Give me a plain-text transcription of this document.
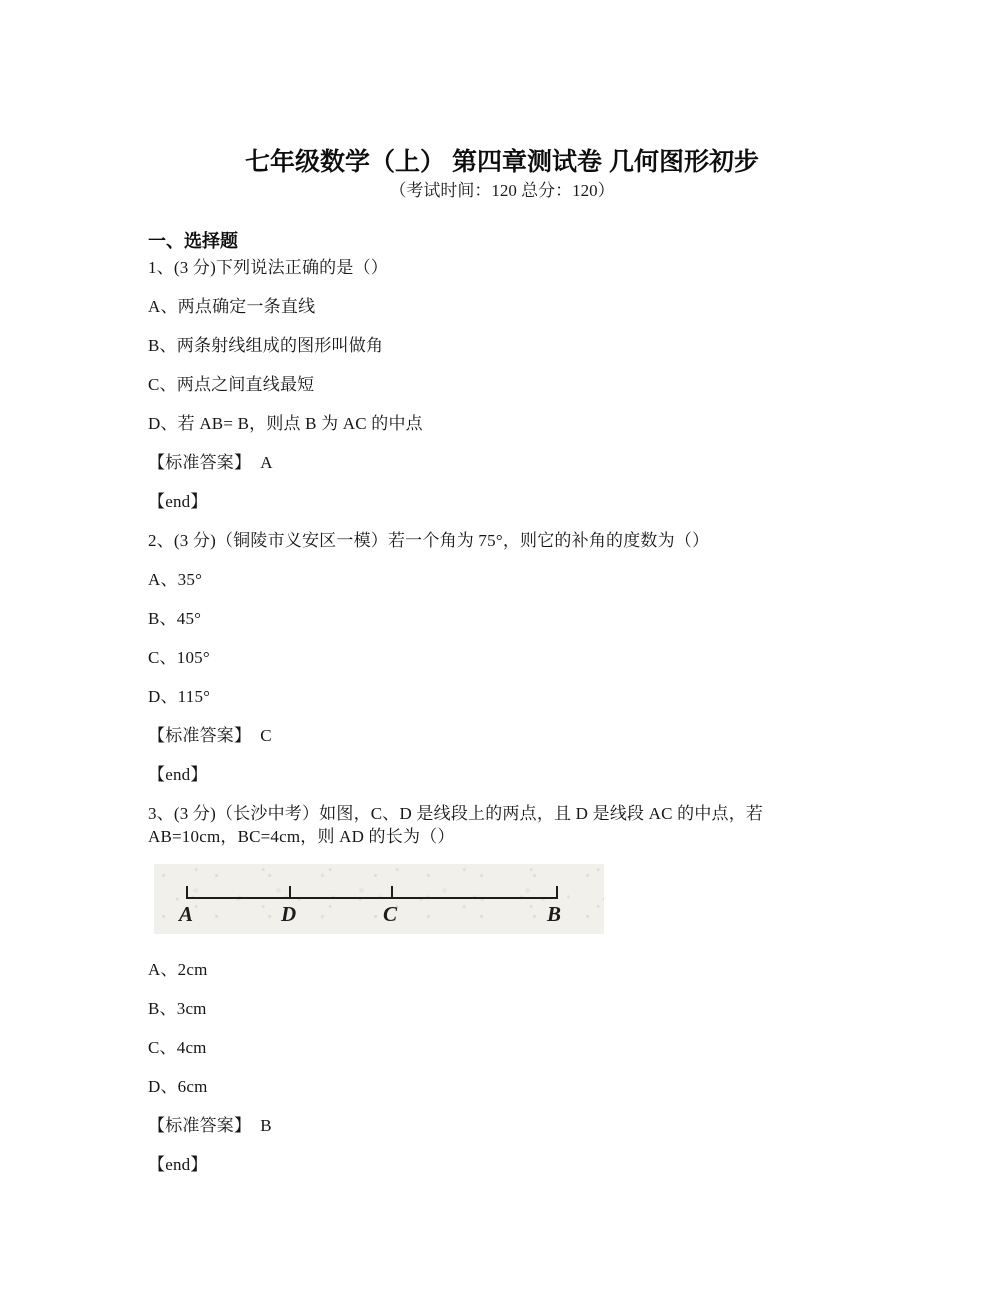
七年级数学（上） 第四章测试卷 几何图形初步

（考试时间：120 总分：120）

一、选择题

1、(3 分)下列说法正确的是（）

A、两点确定一条直线

B、两条射线组成的图形叫做角

C、两点之间直线最短

D、若 AB= B，则点 B 为 AC 的中点

【标准答案】 A

【end】

2、(3 分)（铜陵市义安区一模）若一个角为 75°，则它的补角的度数为（）

A、35°

B、45°

C、105°

D、115°

【标准答案】 C

【end】

3、(3 分)（长沙中考）如图，C、D 是线段上的两点，且 D 是线段 AC 的中点，若 AB=10cm，BC=4cm，则 AD 的长为（）

A	D	C	B

A、2cm

B、3cm

C、4cm

D、6cm

【标准答案】 B

【end】
